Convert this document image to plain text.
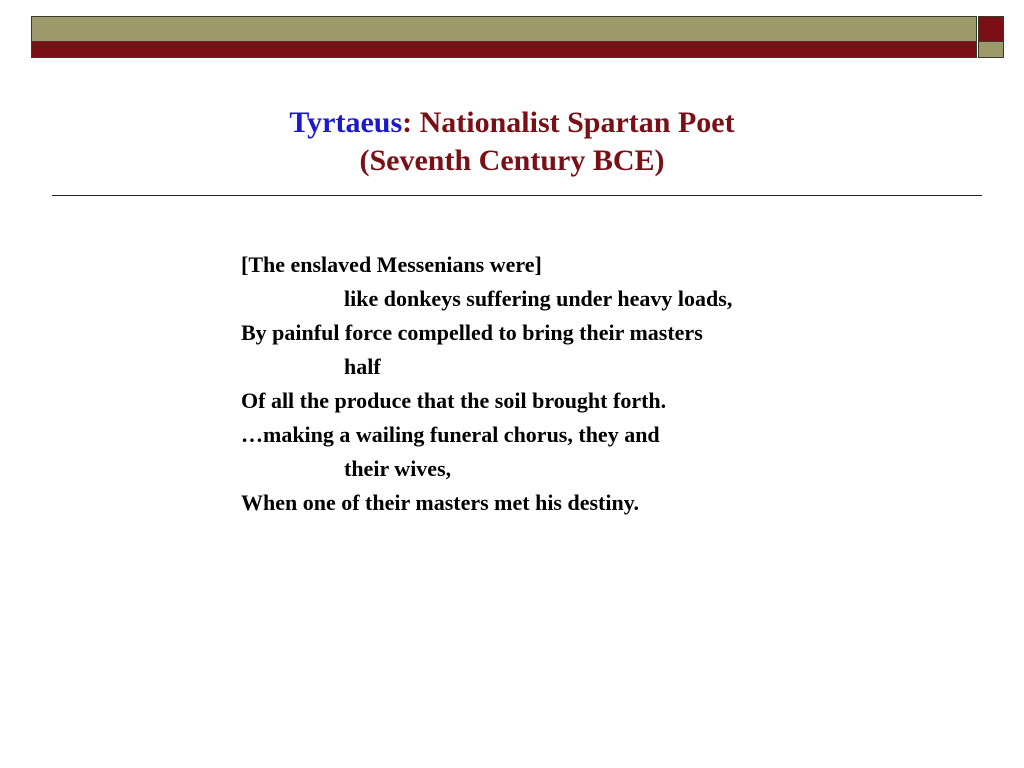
Tyrtaeus: Nationalist Spartan Poet
(Seventh Century BCE)
[The enslaved Messenians were]
like donkeys suffering under heavy loads,
By painful force compelled to bring their masters
half
Of all the produce that the soil brought forth.
…making a wailing funeral chorus, they and
their wives,
When one of their masters met his destiny.
